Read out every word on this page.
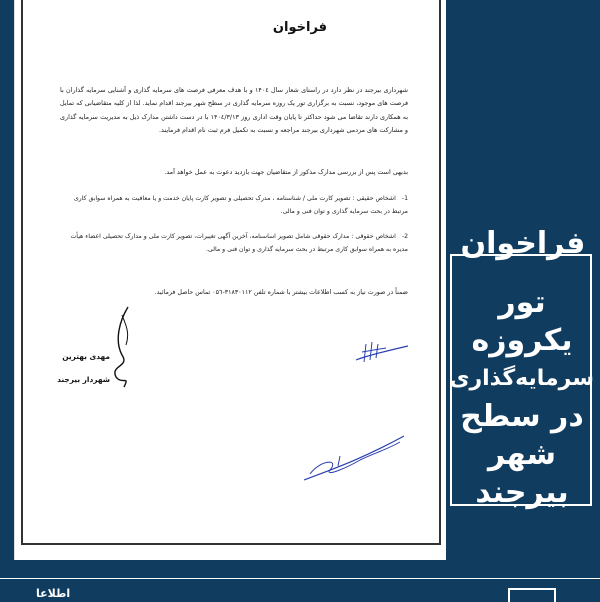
فراخوان

شهرداری بیرجند در نظر دارد در راستای شعار سال ۱۴۰٤ و با هدف معرفی فرصت های سرمایه گذاری و آشنایی سرمایه گذاران با فرصت های موجود، نسبت به برگزاری تور یک روزه سرمایه گذاری در سطح شهر بیرجند اقدام نماید. لذا از کلیه متقاضیانی که تمایل به همکاری دارند تقاضا می شود حداکثر تا پایان وقت اداری روز ۱۴۰٤/۳/۱۳ با در دست داشتن مدارک ذیل به مدیریت سرمایه گذاری و مشارکت های مردمی شهرداری بیرجند مراجعه و نسبت به تکمیل فرم ثبت نام اقدام فرمایند.

بدیهی است پس از بررسی مدارک مذکور از متقاضیان جهت بازدید دعوت به عمل خواهد آمد.
1-اشخاص حقیقی : تصویر کارت ملی / شناسنامه ، مدرک تحصیلی و تصویر کارت پایان خدمت و یا معافیت به همراه سوابق کاری مرتبط در بحث سرمایه گذاری و توان فنی و مالی.
2-اشخاص حقوقی : مدارک حقوقی شامل تصویر اساسنامه، آخرین آگهی تغییرات، تصویر کارت ملی و مدارک تحصیلی اعضاء هیأت مدیره به همراه سوابق کاری مرتبط در بحث سرمایه گذاری و توان فنی و مالی.
ضمناً در صورت نیاز به کسب اطلاعات بیشتر با شماره تلفن ۳۱۸۳۰۱۱۲-۰۵٦ تماس حاصل فرمائید.
مهدی بهترین
شهردار بیرجند
فراخوان
تور
یکروزه
سرمایه‌گذاری
در سطح
شهر
بیرجند
اطلاعا
